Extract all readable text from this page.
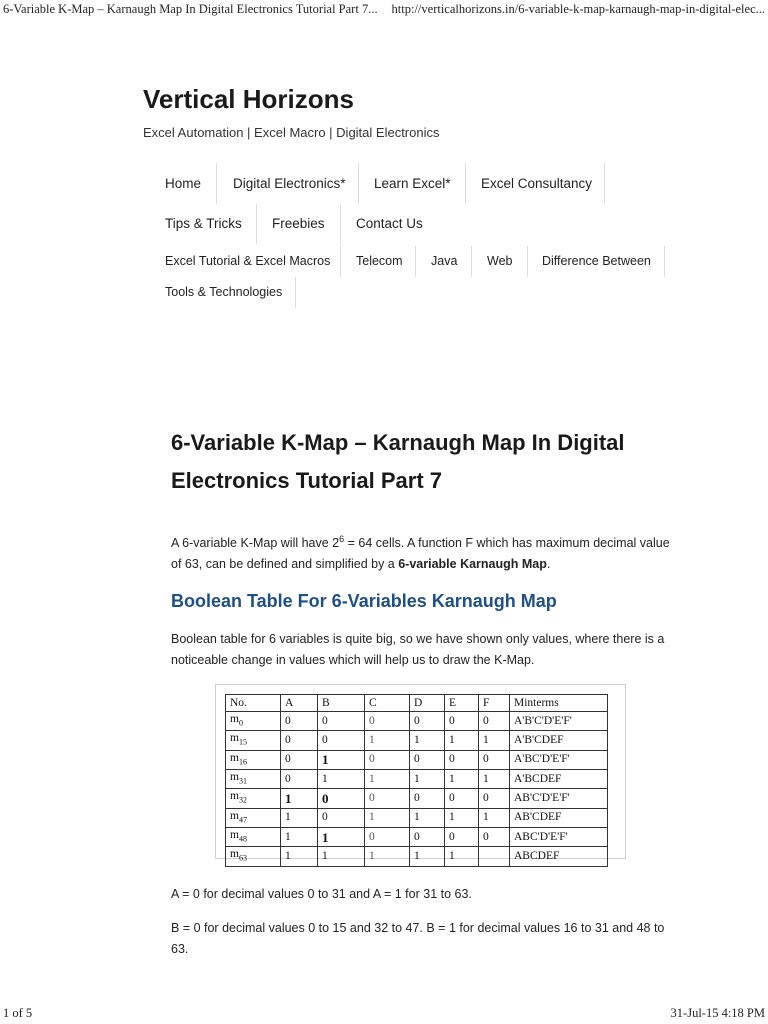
6-Variable K-Map – Karnaugh Map In Digital Electronics Tutorial Part 7... http://verticalhorizons.in/6-variable-k-map-karnaugh-map-in-digital-elec...
Vertical Horizons
Excel Automation | Excel Macro | Digital Electronics
Home Digital Electronics* Learn Excel* Excel Consultancy
Tips & Tricks Freebies Contact Us
Excel Tutorial & Excel Macros Telecom Java Web Difference Between
Tools & Technologies
6-Variable K-Map – Karnaugh Map In Digital Electronics Tutorial Part 7

A 6-variable K-Map will have $2^6 = 64$ cells. A function F which has maximum decimal value of 63, can be defined and simplified by a 6-variable Karnaugh Map.

Boolean Table For 6-Variables Karnaugh Map

Boolean table for 6 variables is quite big, so we have shown only values, where there is a noticeable change in values which will help us to draw the K-Map.

No.	A	B	C	D	E	F	Minterms
$m_0$	0	0	0	0	0	0	A'B'C'D'E'F'
$m_{15}$	0	0	1	1	1	1	A'B'CDEF
$m_{16}$	0	1	0	0	0	0	A'BC'D'E'F'
$m_{31}$	0	1	1	1	1	1	A'BCDEF
$m_{32}$	1	0	0	0	0	0	AB'C'D'E'F'
$m_{47}$	1	0	1	1	1	1	AB'CDEF
$m_{48}$	1	1	0	0	0	0	ABC'D'E'F'
$m_{63}$	1	1	1	1	1		ABCDEF

A = 0 for decimal values 0 to 31 and A = 1 for 31 to 63.

B = 0 for decimal values 0 to 15 and 32 to 47. B = 1 for decimal values 16 to 31 and 48 to 63.

1 of 5	31-Jul-15 4:18 PM
